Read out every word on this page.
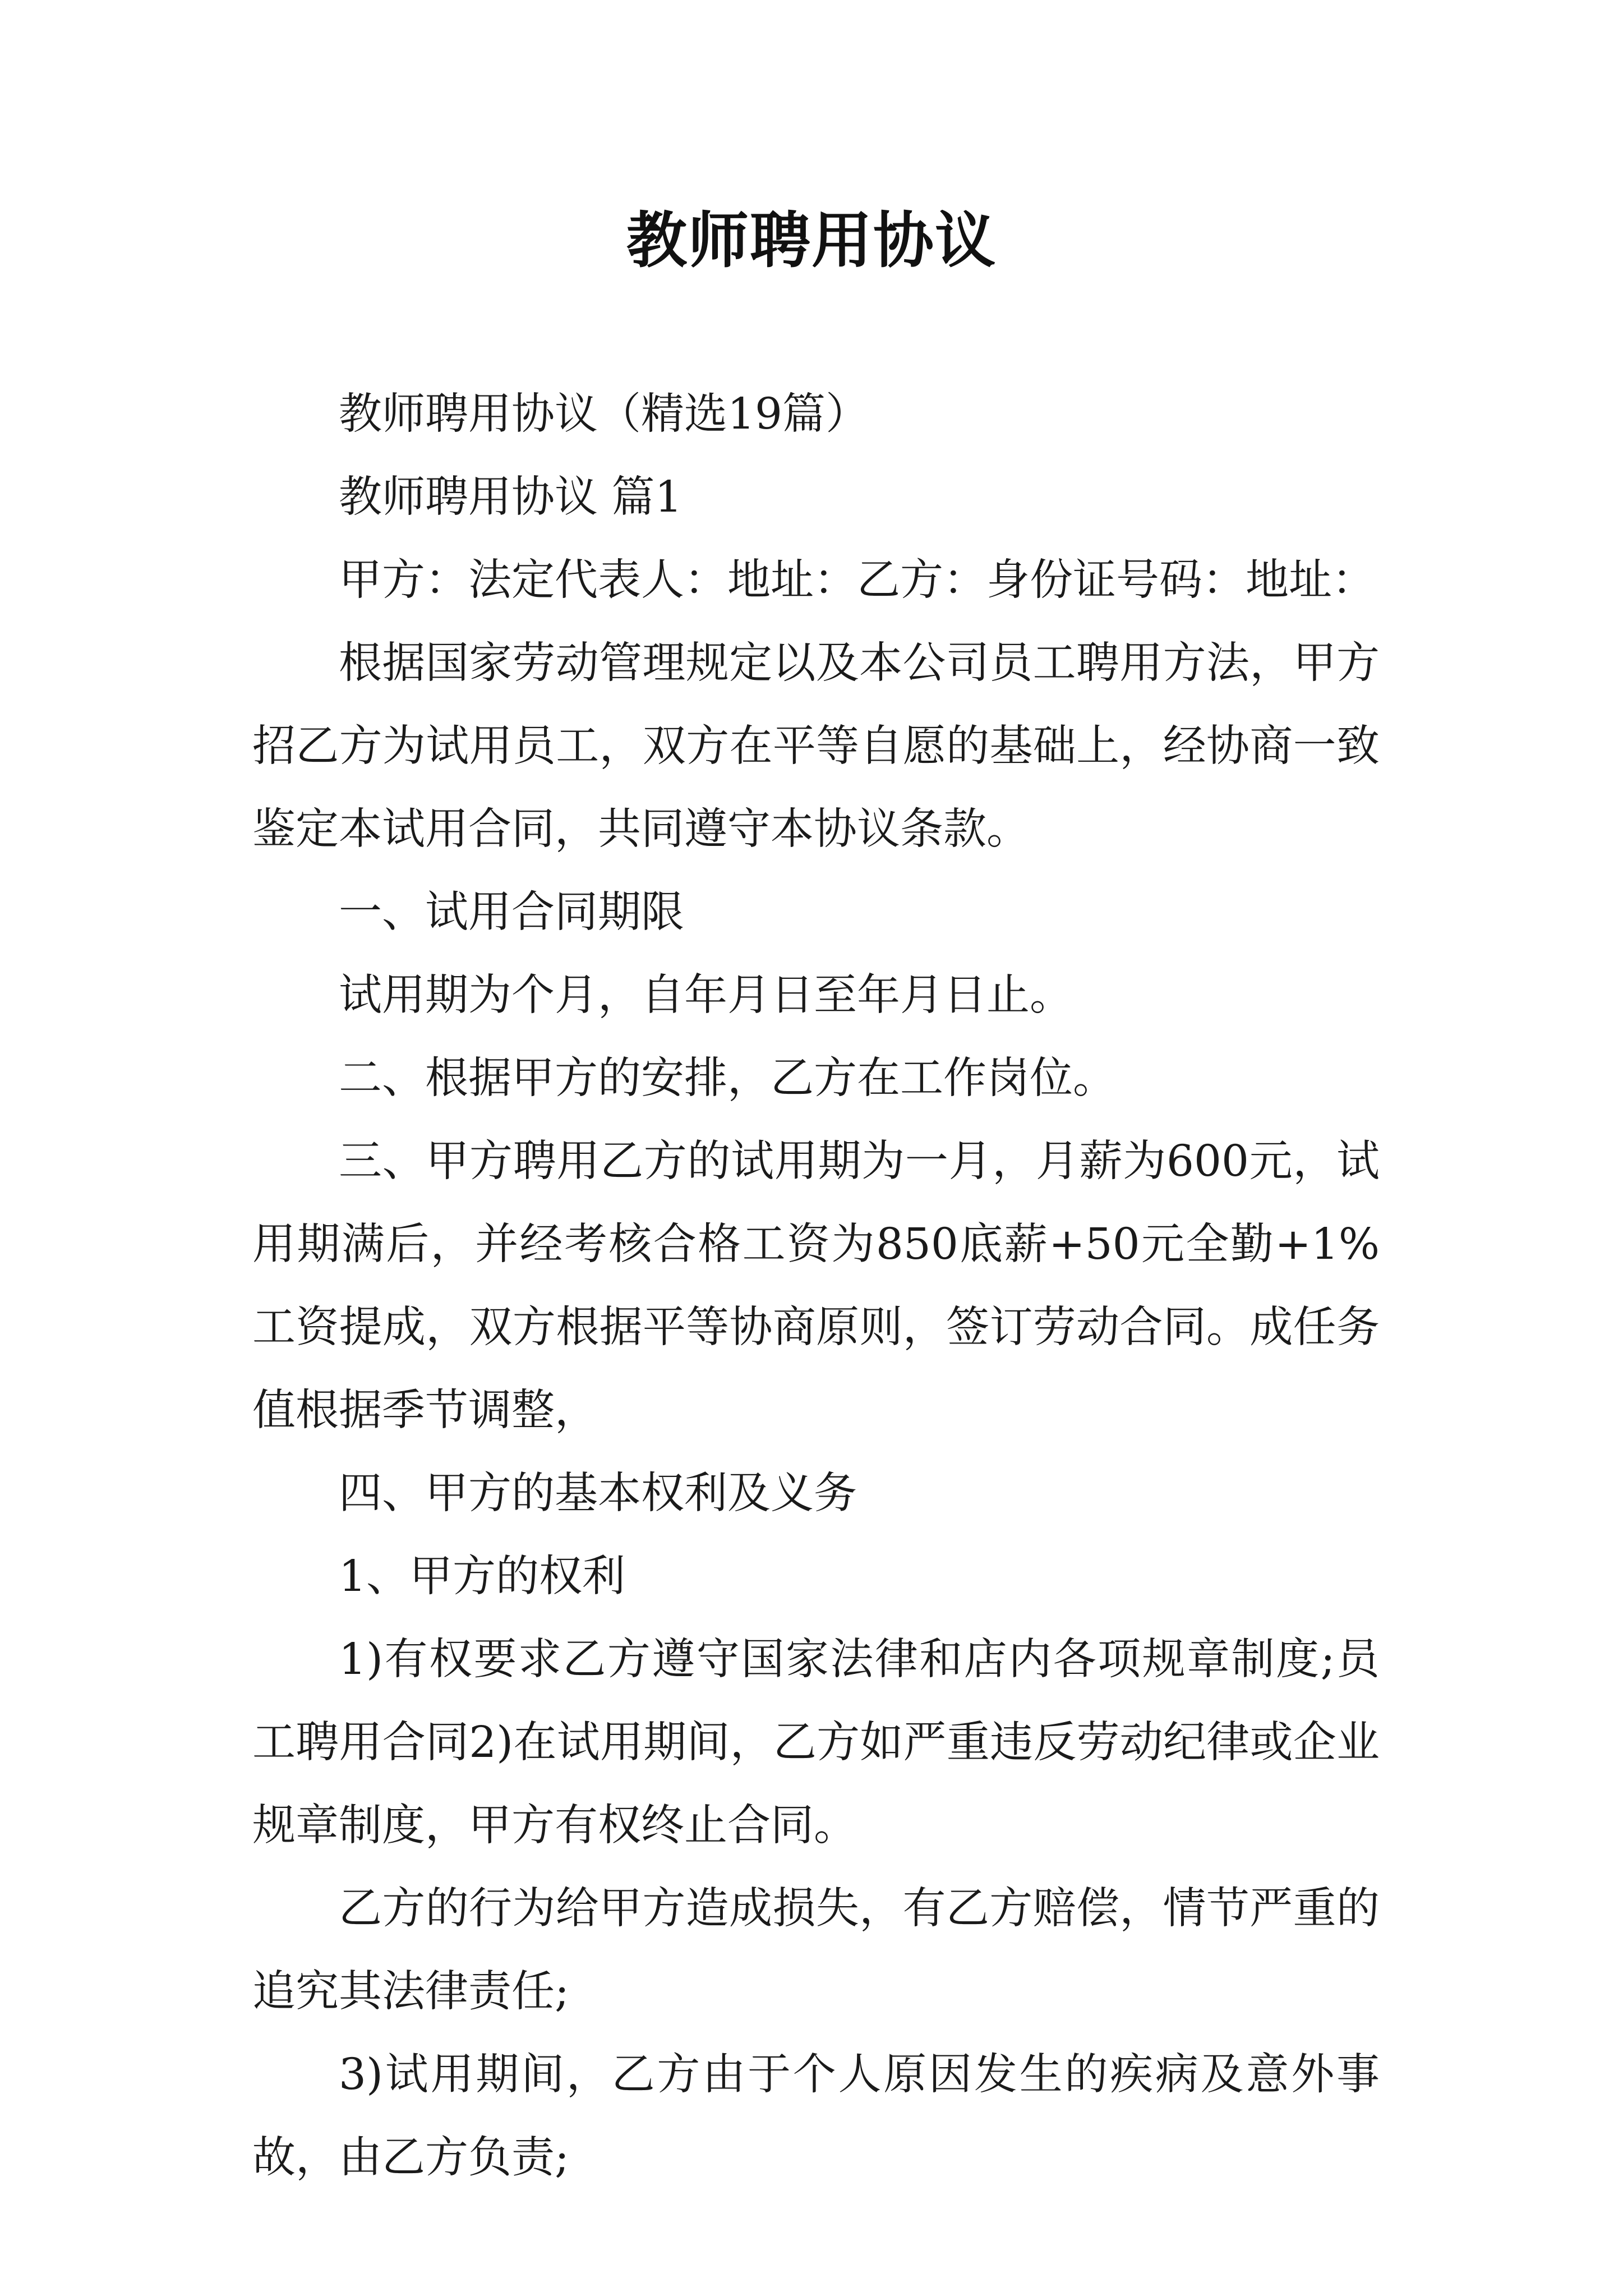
教师聘用协议

教师聘用协议（精选19篇）

教师聘用协议 篇1

甲方：法定代表人：地址：乙方：身份证号码：地址：

根据国家劳动管理规定以及本公司员工聘用方法，甲方招乙方为试用员工，双方在平等自愿的基础上，经协商一致鉴定本试用合同，共同遵守本协议条款。

一、试用合同期限

试用期为个月，自年月日至年月日止。

二、根据甲方的安排，乙方在工作岗位。

三、甲方聘用乙方的试用期为一月，月薪为600元，试用期满后，并经考核合格工资为850底薪+50元全勤+1%工资提成，双方根据平等协商原则，签订劳动合同。成任务值根据季节调整，

四、甲方的基本权利及义务

1、甲方的权利

1)有权要求乙方遵守国家法律和店内各项规章制度;员工聘用合同2)在试用期间，乙方如严重违反劳动纪律或企业规章制度，甲方有权终止合同。

乙方的行为给甲方造成损失，有乙方赔偿，情节严重的追究其法律责任;

3)试用期间，乙方由于个人原因发生的疾病及意外事故，由乙方负责;
